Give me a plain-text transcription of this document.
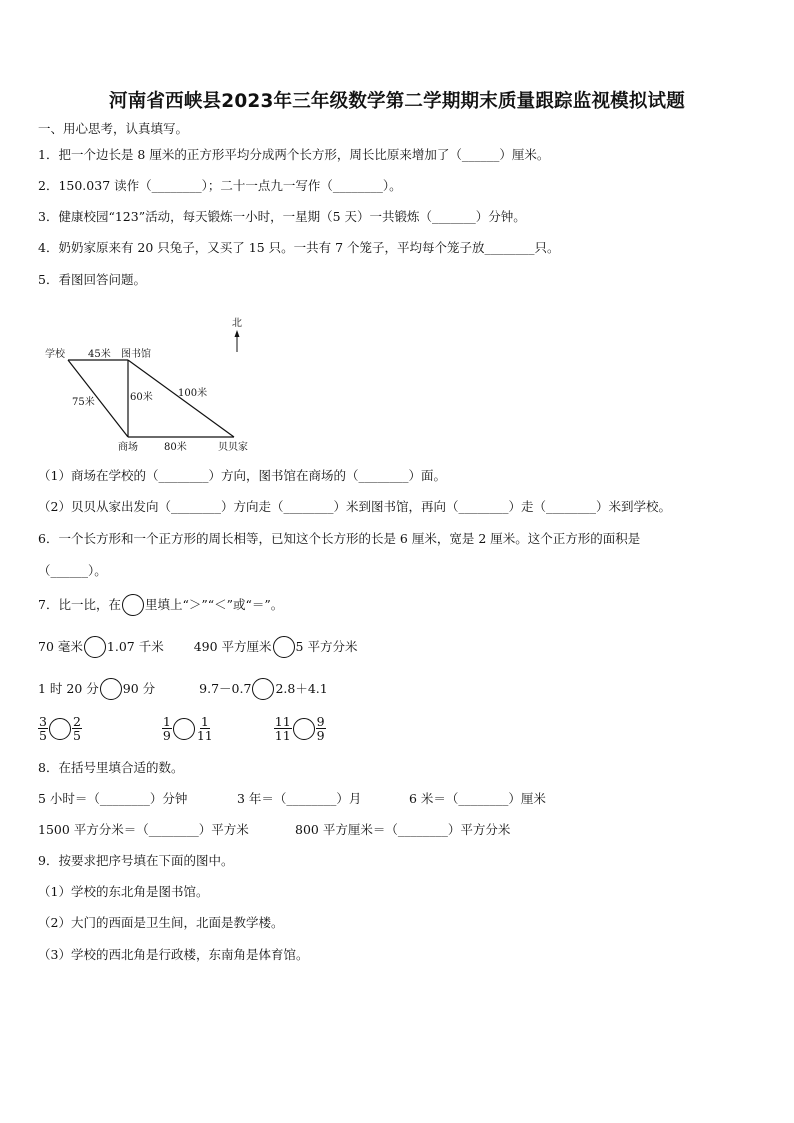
河南省西峡县2023年三年级数学第二学期期末质量跟踪监视模拟试题
一、用心思考，认真填写。
1．把一个边长是 8 厘米的正方形平均分成两个长方形，周长比原来增加了（______）厘米。
2．150.037 读作（________）；二十一点九一写作（________）。
3．健康校园“123”活动，每天锻炼一小时，一星期（5 天）一共锻炼（_______）分钟。
4．奶奶家原来有 20 只兔子，又买了 15 只。一共有 7 个笼子，平均每个笼子放________只。
5．看图回答问题。
北
学校	图书馆
商场	贝贝家
45米
75米	60米	100米
80米
（1）商场在学校的（________）方向，图书馆在商场的（________）面。
（2）贝贝从家出发向（________）方向走（________）米到图书馆，再向（________）走（________）米到学校。
6．一个长方形和一个正方形的周长相等，已知这个长方形的长是 6 厘米，宽是 2 厘米。这个正方形的面积是
（______）。
7．比一比，在 里填上“＞”“＜”或“＝”。
70 毫米 1.07 千米 490 平方厘米 5 平方分米
1 时 20 分 90 分	9.7－0.7 2.8＋4.1
$\frac{3}{5} \frac{2}{5}$	$\frac{1}{9} \frac{1}{11}$	$\frac{11}{11} \frac{9}{9}$
8．在括号里填合适的数。
5 小时＝（________）分钟	3 年＝（________）月	6 米＝（________）厘米
1500 平方分米＝（________）平方米	800 平方厘米＝（________）平方分米
9．按要求把序号填在下面的图中。
（1）学校的东北角是图书馆。
（2）大门的西面是卫生间，北面是教学楼。
（3）学校的西北角是行政楼，东南角是体育馆。
